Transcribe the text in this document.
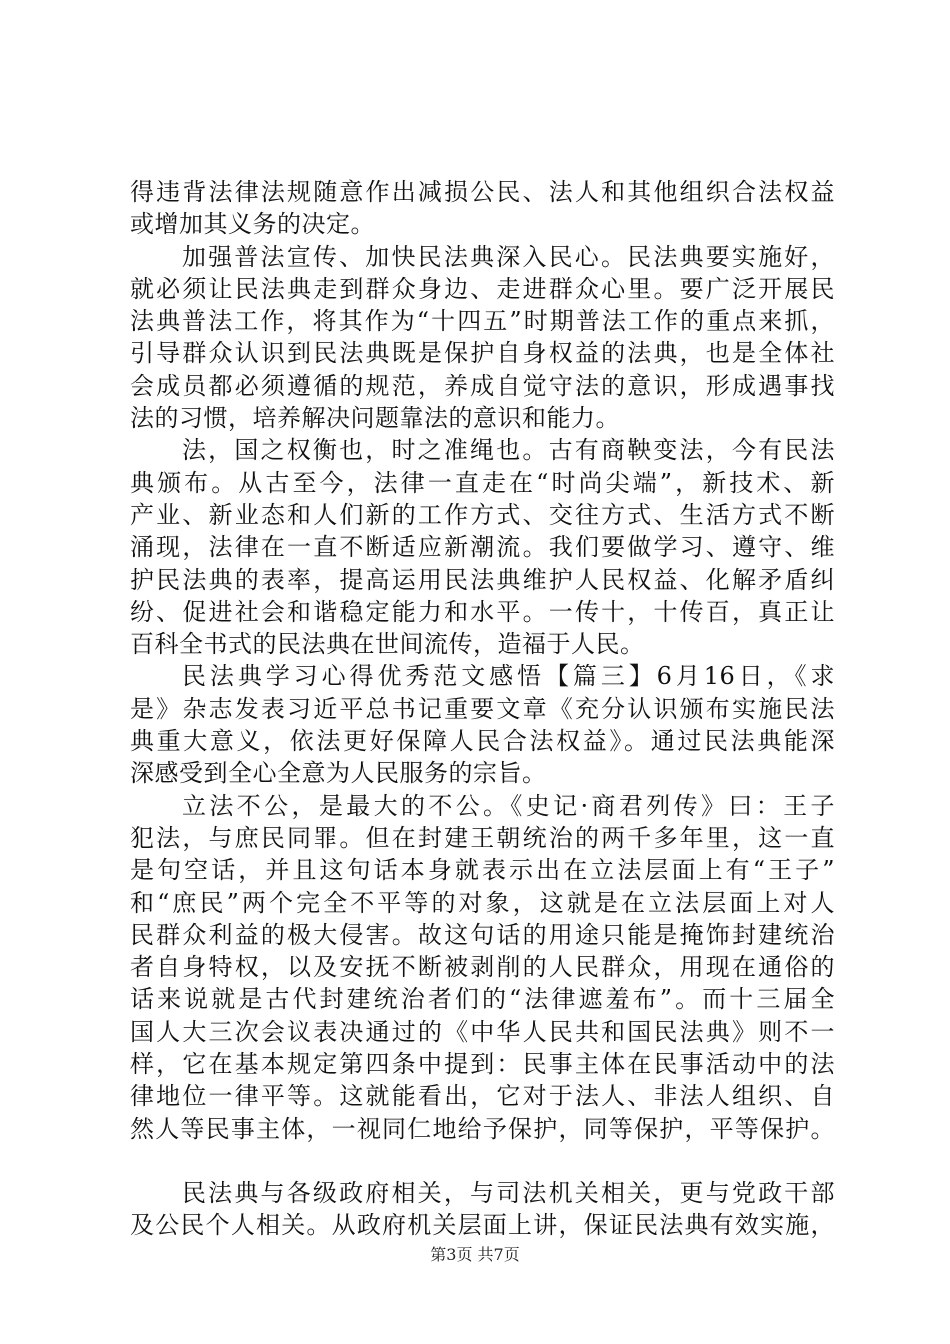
得违背法律法规随意作出减损公民、法人和其他组织合法权益
或增加其义务的决定。
加强普法宣传、加快民法典深入民心。民法典要实施好，
就必须让民法典走到群众身边、走进群众心里。要广泛开展民
法典普法工作，将其作为“十四五”时期普法工作的重点来抓，
引导群众认识到民法典既是保护自身权益的法典，也是全体社
会成员都必须遵循的规范，养成自觉守法的意识，形成遇事找
法的习惯，培养解决问题靠法的意识和能力。
法，国之权衡也，时之准绳也。古有商鞅变法，今有民法
典颁布。从古至今，法律一直走在“时尚尖端”，新技术、新
产业、新业态和人们新的工作方式、交往方式、生活方式不断
涌现，法律在一直不断适应新潮流。我们要做学习、遵守、维
护民法典的表率，提高运用民法典维护人民权益、化解矛盾纠
纷、促进社会和谐稳定能力和水平。一传十，十传百，真正让
百科全书式的民法典在世间流传，造福于人民。
民法典学习心得优秀范文感悟【篇三】6月16日，《求
是》杂志发表习近平总书记重要文章《充分认识颁布实施民法
典重大意义，依法更好保障人民合法权益》。通过民法典能深
深感受到全心全意为人民服务的宗旨。
立法不公，是最大的不公。《史记·商君列传》曰：王子
犯法，与庶民同罪。但在封建王朝统治的两千多年里，这一直
是句空话，并且这句话本身就表示出在立法层面上有“王子”
和“庶民”两个完全不平等的对象，这就是在立法层面上对人
民群众利益的极大侵害。故这句话的用途只能是掩饰封建统治
者自身特权，以及安抚不断被剥削的人民群众，用现在通俗的
话来说就是古代封建统治者们的“法律遮羞布”。而十三届全
国人大三次会议表决通过的《中华人民共和国民法典》则不一
样，它在基本规定第四条中提到：民事主体在民事活动中的法
律地位一律平等。这就能看出，它对于法人、非法人组织、自
然人等民事主体，一视同仁地给予保护，同等保护，平等保护。
民法典与各级政府相关，与司法机关相关，更与党政干部
及公民个人相关。从政府机关层面上讲，保证民法典有效实施，
第3页 共7页
